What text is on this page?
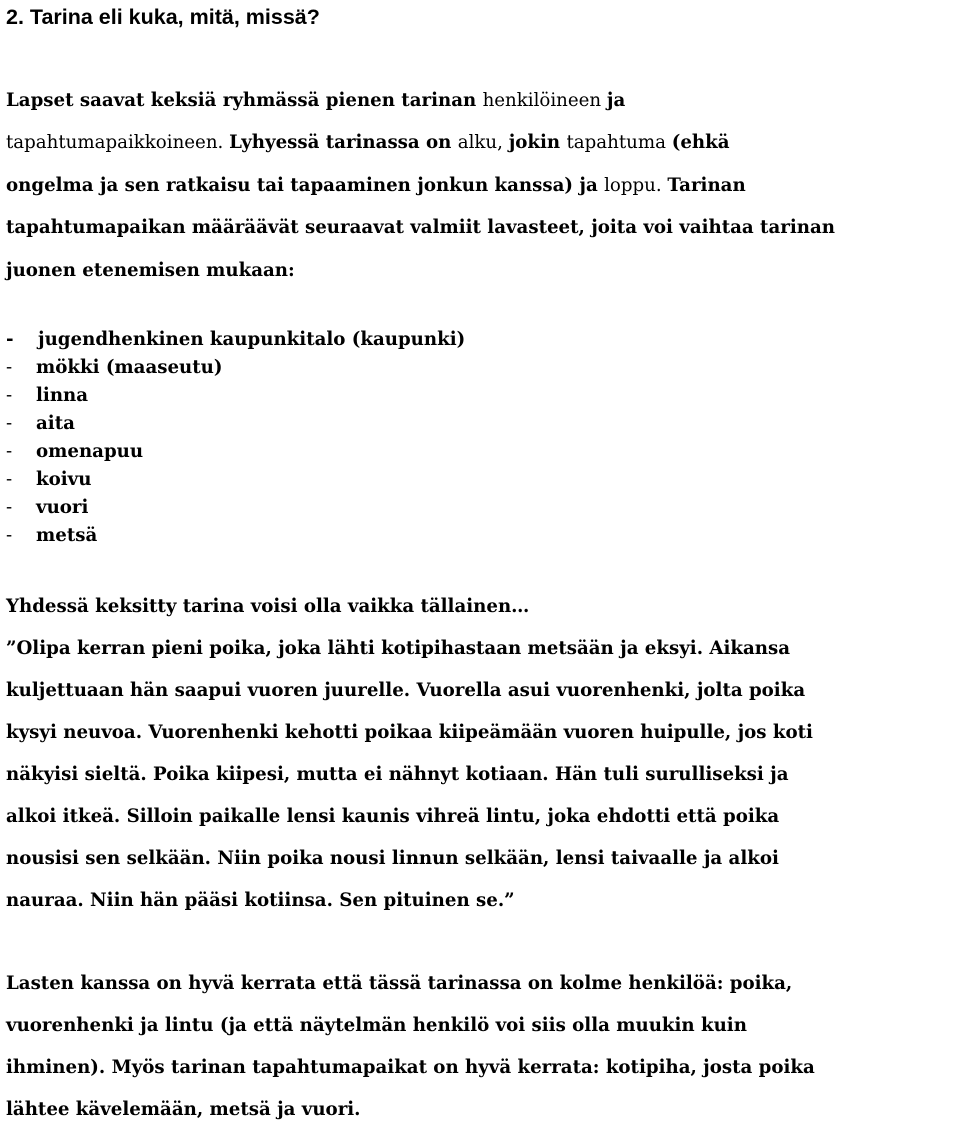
2. Tarina eli kuka, mitä, missä?
Lapset saavat keksiä ryhmässä pienen tarinan henkilöineen ja
tapahtumapaikkoineen. Lyhyessä tarinassa on alku, jokin tapahtuma (ehkä
ongelma ja sen ratkaisu tai tapaaminen jonkun kanssa) ja loppu. Tarinan
tapahtumapaikan määräävät seuraavat valmiit lavasteet, joita voi vaihtaa tarinan
juonen etenemisen mukaan:
- jugendhenkinen kaupunkitalo (kaupunki)
- mökki (maaseutu)
- linna
- aita
- omenapuu
- koivu
- vuori
- metsä
Yhdessä keksitty tarina voisi olla vaikka tällainen…
”Olipa kerran pieni poika, joka lähti kotipihastaan metsään ja eksyi. Aikansa
kuljettuaan hän saapui vuoren juurelle. Vuorella asui vuorenhenki, jolta poika
kysyi neuvoa. Vuorenhenki kehotti poikaa kiipeämään vuoren huipulle, jos koti
näkyisi sieltä. Poika kiipesi, mutta ei nähnyt kotiaan. Hän tuli surulliseksi ja
alkoi itkeä. Silloin paikalle lensi kaunis vihreä lintu, joka ehdotti että poika
nousisi sen selkään. Niin poika nousi linnun selkään, lensi taivaalle ja alkoi
nauraa. Niin hän pääsi kotiinsa. Sen pituinen se.”
Lasten kanssa on hyvä kerrata että tässä tarinassa on kolme henkilöä: poika,
vuorenhenki ja lintu (ja että näytelmän henkilö voi siis olla muukin kuin
ihminen). Myös tarinan tapahtumapaikat on hyvä kerrata: kotipiha, josta poika
lähtee kävelemään, metsä ja vuori.
